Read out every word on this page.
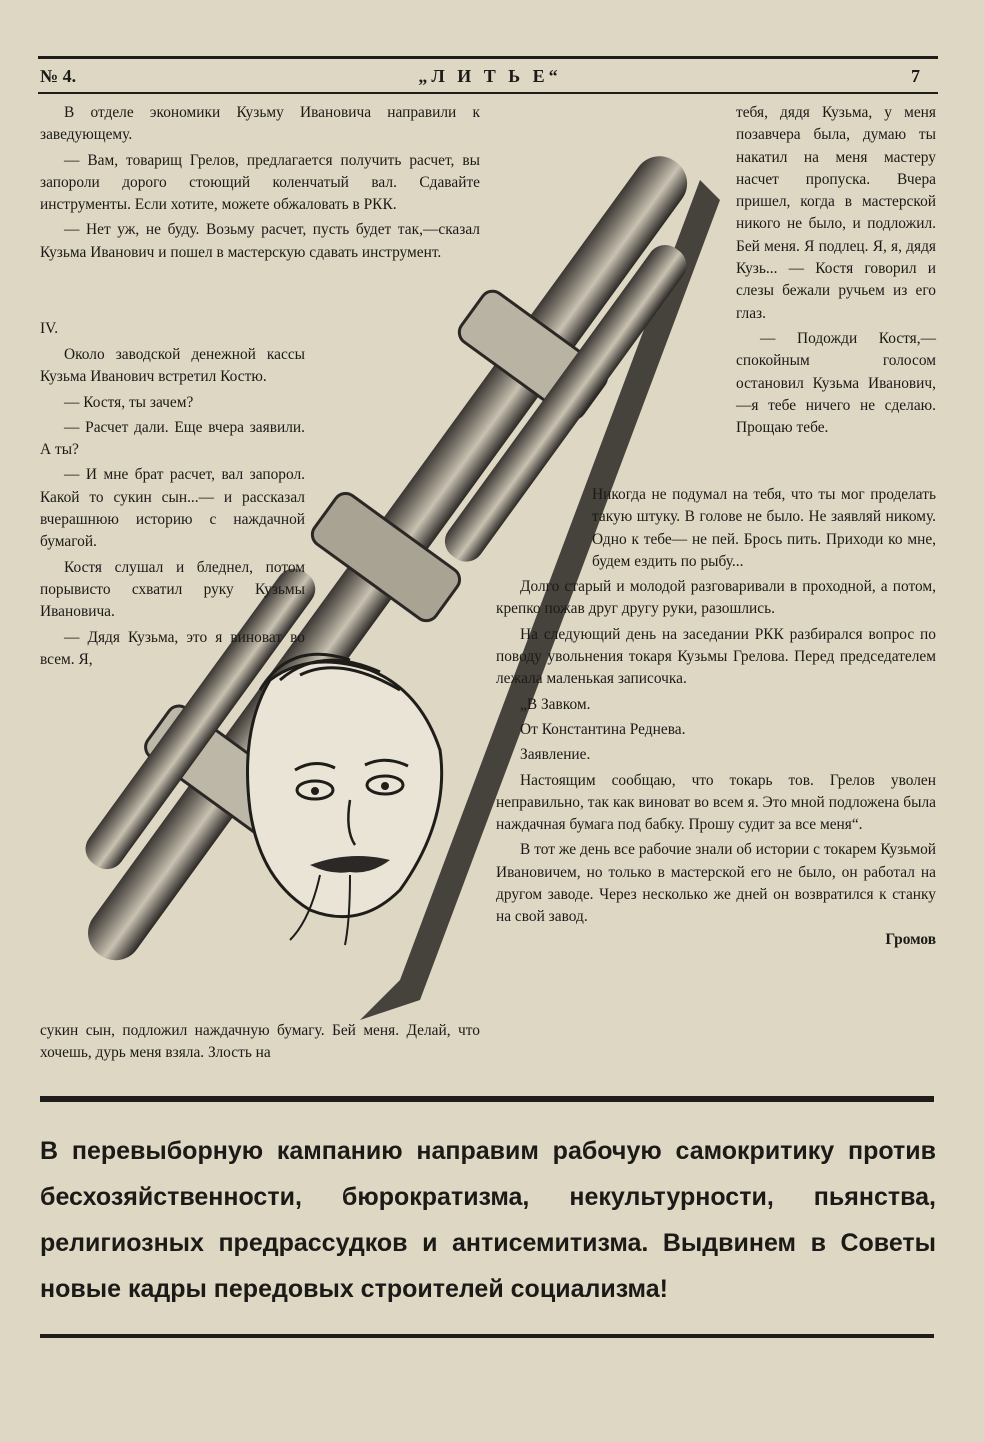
№ 4.	„Л И Т Ь Е“	7

В отделе экономики Кузьму Ивановича направили к заведующему.

— Вам, товарищ Грелов, предлагается получить расчет, вы запороли дорого стоющий коленчатый вал. Сдавайте инструменты. Если хотите, можете обжаловать в РКК.

— Нет уж, не буду. Возьму расчет, пусть будет так,—сказал Кузьма Иванович и пошел в мастерскую сдавать инструмент.

IV.

Около заводской денежной кассы Кузьма Иванович встретил Костю.

— Костя, ты зачем?

— Расчет дали. Еще вчера заявили. А ты?

— И мне брат расчет, вал запорол. Какой то сукин сын...— и рассказал вчерашнюю историю с наждачной бумагой.

Костя слушал и бледнел, потом порывисто схватил руку Кузьмы Ивановича.

— Дядя Кузьма, это я виноват во всем. Я,

тебя, дядя Кузьма, у меня позавчера была, думаю ты накатил на меня мастеру насчет пропуска. Вчера пришел, когда в мастерской никого не было, и подложил. Бей меня. Я подлец. Я, я, дядя Кузь... — Костя говорил и слезы бежали ручьем из его глаз.

— Подожди Костя,— спокойным голосом остановил Кузьма Иванович,—я тебе ничего не сделаю. Прощаю тебе.

Никогда не подумал на тебя, что ты мог проделать такую штуку. В голове не было. Не заявляй никому. Одно к тебе— не пей. Брось пить. Приходи ко мне, будем ездить по рыбу...

Долго старый и молодой разговаривали в проходной, а потом, крепко пожав друг другу руки, разошлись.

На следующий день на заседании РКК разбирался вопрос по поводу увольнения токаря Кузьмы Грелова. Перед председателем лежала маленькая записочка.

„В Завком.

От Константина Реднева.

Заявление.

Настоящим сообщаю, что токарь тов. Грелов уволен неправильно, так как виноват во всем я. Это мной подложена была наждачная бумага под бабку. Прошу судит за все меня“.

В тот же день все рабочие знали об истории с токарем Кузьмой Ивановичем, но только в мастерской его не было, он работал на другом заводе. Через несколько же дней он возвратился к станку на свой завод.

Громов

сукин сын, подложил наждачную бумагу. Бей меня. Делай, что хочешь, дурь меня взяла. Злость на

В перевыборную кампанию направим рабочую самокритику против бесхозяйственности, бюрократизма, некультурности, пьянства, религиозных предрассудков и антисемитизма. Выдвинем в Советы новые кадры передовых строителей социализма!
